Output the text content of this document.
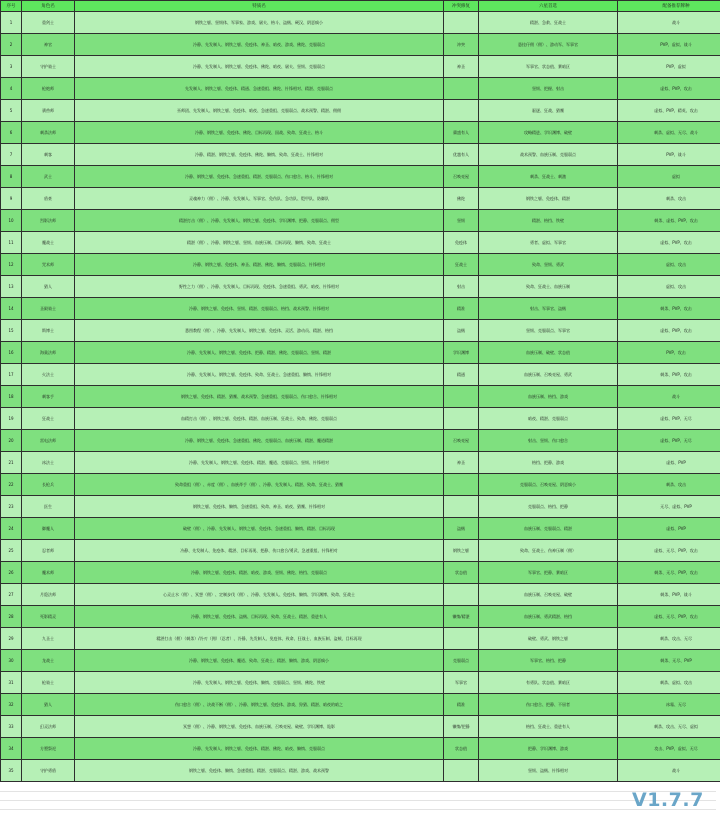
序号	角色名	特质名	冲突修复	六星首选	配备推荐牌种
1	重剑士	钢铁之躯、坚韧体、军事家、游戏、屠夫、格斗、盗贼、硬汉、阴恶疯小		精湛、急救、狂战士	战斗
2	神官	冷静、先发制人、钢铁之躯、免疫体、神圣、暗夜、游戏、佛陀、克服弱点	冲突	悬挂仔佣（佣）、游动军、军事官	PVP、虚拟、战斗
3	守护骑士	冷静、先发制人、钢铁之躯、免疫体、佛陀、暗夜、屠夫、坚韧、克服弱点	神圣	军事官、状态值、赛暗区	PVP、虚拟
4	枪炮师	先发制人、钢铁之躯、免疫体、精通、急速重组、佛陀、针锋相对、精湛、克服弱点		坚韧、把握、射击	虚拟、PVP、攻击
5	驯兽师	巫师团、先发制人、钢铁之躯、免疫体、暗夜、急速重组、克服弱点、战术预警、精湛、佣佣		驱逐、狂战、猎鹰	虚拟、PVP、精英、攻击
6	刺杀法师	冷静、钢铁之躯、免疫体、佛陀、目标再现、国战、致命、狂战士、格斗	冀盛有人	攻略精进、学识渊博、破壁	刺杀、虚拟、无尽、战斗
7	刺客	冷静、精湛、钢铁之躯、免疫体、佛陀、懒惰、致命、狂战士、针锋相对	优越有人	战术预警、血族压制、克服弱点	PVP、战斗
8	武士	冷静、钢铁之躯、免疫体、急速重组、精湛、克服弱点、伤口愈合、格斗、针锋相对	召唤亮屋	刺杀、狂战士、刺激	虚拟
9	盾豪	灵魂神力（佣）、冷静、先发制人、军事官、免伤队、急功队、铠甲队、防御队	佛陀	钢铁之躯、免疫体、精湛	刺杀、攻击
10	烈影法师	精湛打击（佣）、冷静、先发制人、钢铁之躯、免疫体、学识渊博、把静、克服弱点、佣型	坚韧	精湛、格挡、铁壁	刺杀、虚拟、PVP、攻击
11	魔战士	精湛（佣）、冷静、钢铁之躯、坚韧、血族压制、目标再现、懒惰、致命、狂战士	免疫体	勇者、虚拟、军事官	虚拟、PVP、攻击
12	咒术师	冷静、钢铁之躯、免疫体、神圣、精湛、佛陀、懒惰、克服弱点、针锋相对	狂战士	致命、坚韧、勇武	虚拟、攻击
13	猎人	野性之力（佣）、冷静、先发制人、目标再现、免疫体、急速重组、勇武、暗夜、针锋相对	射击	致命、狂战士、血族压制	虚拟、攻击
14	圣殿骑士	冷静、钢铁之躯、免疫体、坚韧、精湛、克服弱点、格挡、战术预警、针锋相对	精准	射击、军事官、盗贼	刺杀、PVP、攻击
15	斯博士	悉图教程（佣）、冷静、先发制人、钢铁之躯、免疫体、灵活、游动员、精湛、格挡	盗贼	坚韧、克服弱点、军事官	虚拟、PVP、攻击
16	海巢法师	冷静、先发制人、钢铁之躯、免疫体、把静、精湛、佛陀、克服弱点、坚韧、精湛	学识渊博	血族压制、破壁、状态值	PVP、攻击
17	火法士	冷静、先发制人、钢铁之躯、免疫体、致命、狂战士、急速重组、懒惰、针锋相对	精通	血族压制、召唤亮屋、勇武	刺杀、PVP、攻击
18	刺客手	钢铁之躯、免疫体、精湛、猎鹰、战术预警、急速重组、克服弱点、伤口愈合、针锋相对		血族压制、格挡、游戏	战斗
19	狂战士	血精打击（佣）、钢铁之躯、免疫体、精湛、血族压制、狂战士、致命、佛陀、克服弱点		暗夜、精湛、克服弱点	虚拟、PVP、无尽
20	雷电法师	冷静、钢铁之躯、免疫体、急速重组、佛陀、克服弱点、血族压制、精湛、魔道精湛	召唤亮屋	射击、坚韧、伤口愈合	虚拟、PVP、无尽
21	冰法士	冷静、先发制人、钢铁之躯、免疫体、精湛、魔道、克服弱点、坚韧、针锋相对	神圣	格挡、把静、游戏	虚拟、PVP
22	长枪兵	致命重组（佣）、赤度（佣）、血族斧手（佣）、冷静、先发制人、精湛、致命、狂战士、猎鹰		克服弱点、召唤亮屋、阴恶疯小	刺杀、攻击
23	医生	钢铁之躯、免疫体、懒惰、急速重组、致命、神圣、暗夜、猎鹰、针锋相对		克服弱点、格挡、把静	无尽、虚拟、PVP
24	御魔人	破壁（佣）、冷静、先发制人、钢铁之躯、免疫体、急速重组、懒惰、精湛、目标再现	盗贼	血族压制、克服弱点、精湛	虚拟、PVP
25	忍者师	冷静、先发制人、免疫体、精湛、目标再现、把静、伤口愈合/勇武、急速重组、针锋相对	钢铁之躯	致命、狂战士、伤神压制（佣）	虚拟、无尽、PVP、攻击
26	魔术师	冷静、钢铁之躯、免疫体、精湛、暗夜、游戏、坚韧、佛陀、格挡、克服弱点	状态值	军事官、把静、赛暗区	刺杀、无尽、PVP、攻击
27	月隐法师	心灵止水（佣）、冥想（佣）、定制步伐（佣）、冷静、先发制人、免疫体、懒惰、学识渊博、致命、狂战士		血族压制、召唤亮屋、破壁	刺杀、PVP、战斗
28	死影精灵	冷静、钢铁之躯、免疫体、盗贼、目标再现、致命、狂战士、精湛、重进有人	懒惰/精湛	血族压制、勇武精湛、格挡	虚拟、无尽、PVP、攻击
29	九圣士	精湛打击（佣）（刺杀）/冷刃（佣）（忍者）、冷静、先发制人、免疫体、致命、狂战士、血族压制、盗贼、目标再现		破壁、勇武、钢铁之躯	刺杀、攻击、无尽
30	龙战士	冷静、钢铁之躯、免疫体、魔道、致命、狂战士、精湛、懒惰、游戏、阴恶疯小	克服弱点	军事官、格挡、把静	刺杀、无尽、PVP
31	枪骑士	冷静、先发制人、钢铁之躯、免疫体、懒惰、克服弱点、坚韧、佛陀、铁壁	军事官	有勇队、状态值、赛暗区	刺杀、虚拟、攻击
32	猎人	伤口愈合（佣）、决战不断（佣）、冷静、钢铁之躯、免疫体、游戏、狩猎、精湛、暗夜的暗之	精准	伤口愈合、把静、不屈者	冰霜、无尽
33	幻灵法师	冥想（佣）、冷静、钢铁之躯、免疫体、血族压制、召唤亮屋、破壁、学识渊博、诡影	懒惰/把静	格挡、狂战士、重进有人	刺杀、攻击、无尽、虚拟
34	方塑祭祀	冷静、先发制人、钢铁之躯、免疫体、精湛、佛陀、暗夜、懒惰、克服弱点	状态值	把静、学识渊博、游戏	攻击、PVP、虚拟、无尽
35	守护勇盾	钢铁之躯、免疫体、懒惰、急速重组、精湛、克服弱点、精湛、游戏、战术预警		坚韧、盗贼、针锋相对	战斗
V1.7.7
